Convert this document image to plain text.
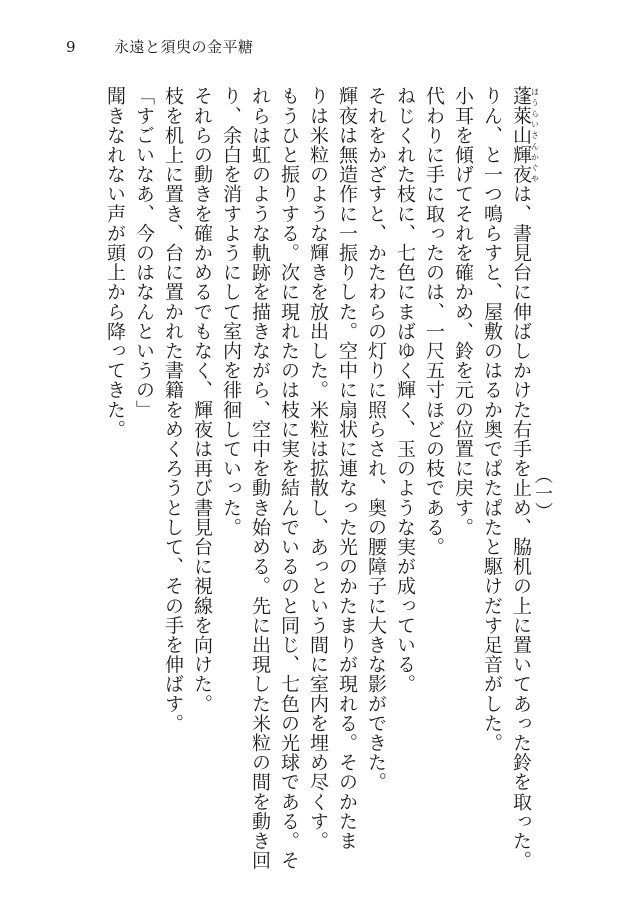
9	永遠と須臾の金平糖
（一）
蓬萊山輝夜ほうらいさんかぐやは、書見台に伸ばしかけた右手を止め、脇机の上に置いてあった鈴を取った。
りん、と一つ鳴らすと、屋敷のはるか奥でぱたぱたと駆けだす足音がした。
小耳を傾げてそれを確かめ、鈴を元の位置に戻す。
代わりに手に取ったのは、一尺五寸ほどの枝である。
ねじくれた枝に、七色にまばゆく輝く、玉のような実が成っている。
それをかざすと、かたわらの灯りに照らされ、奥の腰障子に大きな影ができた。
輝夜は無造作に一振りした。空中に扇状に連なった光のかたまりが現れる。そのかたま
りは米粒のような輝きを放出した。米粒は拡散し、あっという間に室内を埋め尽くす。
もうひと振りする。次に現れたのは枝に実を結んでいるのと同じ、七色の光球である。そ
れらは虹のような軌跡を描きながら、空中を動き始める。先に出現した米粒の間を動き回
り、余白を消すようにして室内を徘徊していった。
それらの動きを確かめるでもなく、輝夜は再び書見台に視線を向けた。
枝を机上に置き、台に置かれた書籍をめくろうとして、その手を伸ばす。
「すごいなあ、今のはなんというの」
聞きなれない声が頭上から降ってきた。
